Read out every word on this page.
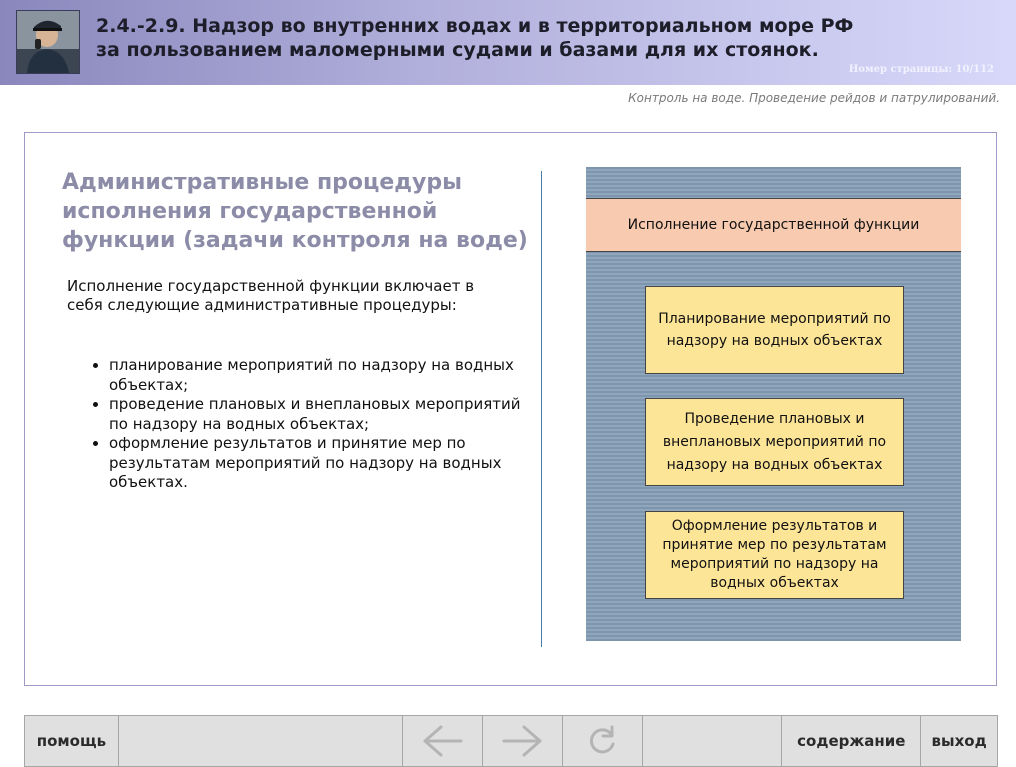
2.4.-2.9. Надзор во внутренних водах и в территориальном море РФ
за пользованием маломерными судами и базами для их стоянок.
Номер страницы: 10/112
Контроль на воде. Проведение рейдов и патрулирований.
Административные процедуры исполнения государственной функции (задачи контроля на воде)

Исполнение государственной функции включает в себя следующие административные процедуры:

• планирование мероприятий по надзору на водных объектах;
• проведение плановых и внеплановых мероприятий по надзору на водных объектах;
• оформление результатов и принятие мер по результатам мероприятий по надзору на водных объектах.
Исполнение государственной функции
Планирование мероприятий по надзору на водных объектах
Проведение плановых и внеплановых мероприятий по надзору на водных объектах
Оформление результатов и принятие мер по результатам мероприятий по надзору на водных объектах
помощь	содержание	выход
